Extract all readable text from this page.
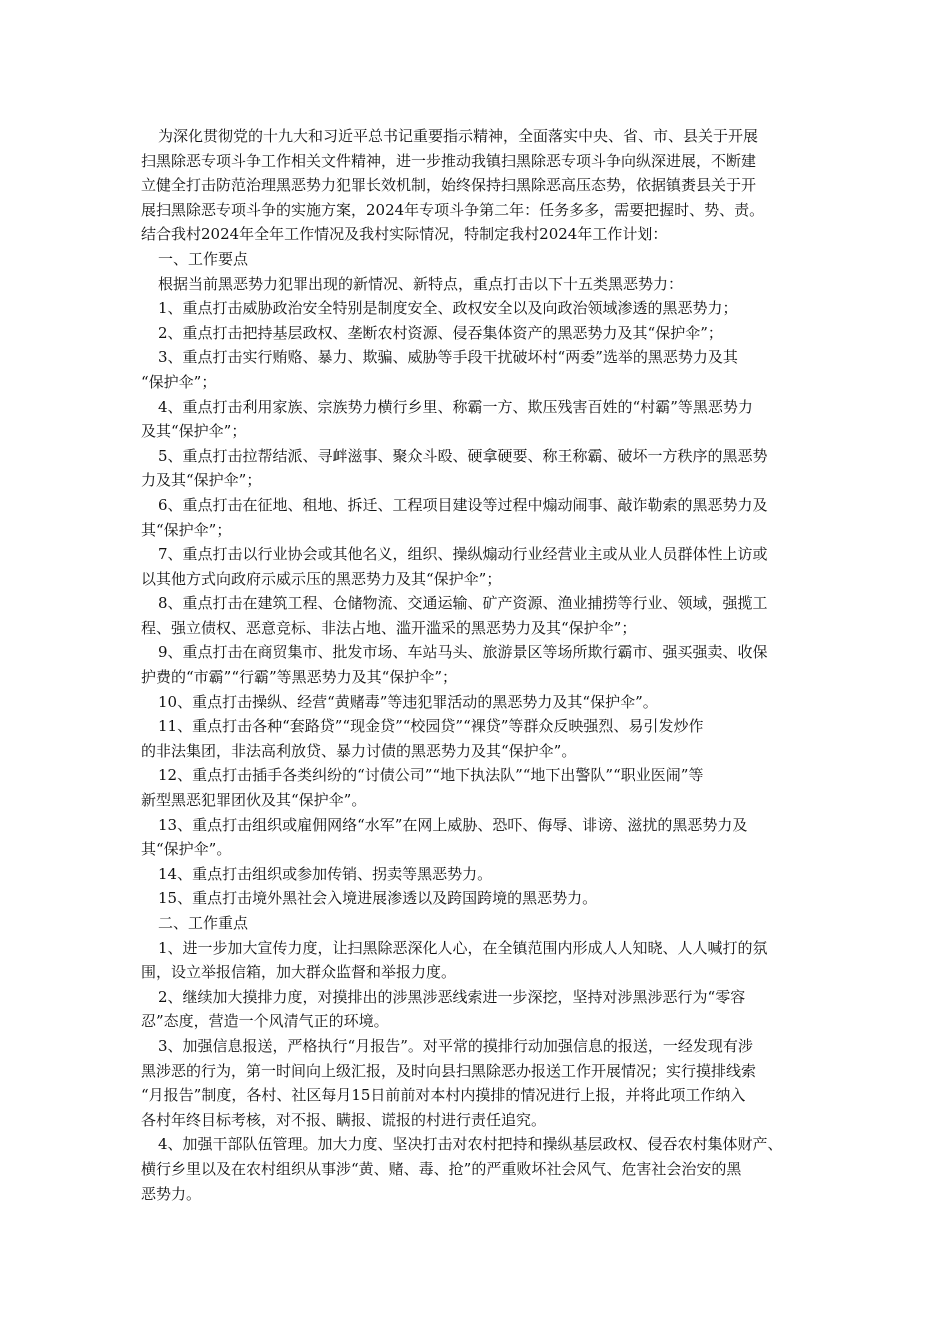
为深化贯彻党的十九大和习近平总书记重要指示精神，全面落实中央、省、市、县关于开展
扫黑除恶专项斗争工作相关文件精神，进一步推动我镇扫黑除恶专项斗争向纵深进展，不断建
立健全打击防范治理黑恶势力犯罪长效机制，始终保持扫黑除恶高压态势，依据镇赉县关于开
展扫黑除恶专项斗争的实施方案，2024年专项斗争第二年：任务多多，需要把握时、势、责。
结合我村2024年全年工作情况及我村实际情况，特制定我村2024年工作计划：
一、工作要点
根据当前黑恶势力犯罪出现的新情况、新特点，重点打击以下十五类黑恶势力：
1、重点打击威胁政治安全特别是制度安全、政权安全以及向政治领域渗透的黑恶势力；
2、重点打击把持基层政权、垄断农村资源、侵吞集体资产的黑恶势力及其“保护伞”；
3、重点打击实行贿赂、暴力、欺骗、威胁等手段干扰破坏村“两委”选举的黑恶势力及其
“保护伞”；
4、重点打击利用家族、宗族势力横行乡里、称霸一方、欺压残害百姓的“村霸”等黑恶势力
及其“保护伞”；
5、重点打击拉帮结派、寻衅滋事、聚众斗殴、硬拿硬要、称王称霸、破坏一方秩序的黑恶势
力及其“保护伞”；
6、重点打击在征地、租地、拆迁、工程项目建设等过程中煽动闹事、敲诈勒索的黑恶势力及
其“保护伞”；
7、重点打击以行业协会或其他名义，组织、操纵煽动行业经营业主或从业人员群体性上访或
以其他方式向政府示威示压的黑恶势力及其“保护伞”；
8、重点打击在建筑工程、仓储物流、交通运输、矿产资源、渔业捕捞等行业、领域，强揽工
程、强立债权、恶意竞标、非法占地、滥开滥采的黑恶势力及其“保护伞”；
9、重点打击在商贸集市、批发市场、车站马头、旅游景区等场所欺行霸市、强买强卖、收保
护费的“市霸”“行霸”等黑恶势力及其“保护伞”；
10、重点打击操纵、经营“黄赌毒”等违犯罪活动的黑恶势力及其“保护伞”。
11、重点打击各种“套路贷”“现金贷”“校园贷”“裸贷”等群众反映强烈、易引发炒作
的非法集团，非法高利放贷、暴力讨债的黑恶势力及其“保护伞”。
12、重点打击插手各类纠纷的“讨债公司”“地下执法队”“地下出警队”“职业医闹”等
新型黑恶犯罪团伙及其“保护伞”。
13、重点打击组织或雇佣网络“水军”在网上威胁、恐吓、侮辱、诽谤、滋扰的黑恶势力及
其“保护伞”。
14、重点打击组织或参加传销、拐卖等黑恶势力。
15、重点打击境外黑社会入境进展渗透以及跨国跨境的黑恶势力。
二、工作重点
1、进一步加大宣传力度，让扫黑除恶深化人心，在全镇范围内形成人人知晓、人人喊打的氛
围，设立举报信箱，加大群众监督和举报力度。
2、继续加大摸排力度，对摸排出的涉黑涉恶线索进一步深挖，坚持对涉黑涉恶行为“零容
忍”态度，营造一个风清气正的环境。
3、加强信息报送，严格执行“月报告”。对平常的摸排行动加强信息的报送，一经发现有涉
黑涉恶的行为，第一时间向上级汇报，及时向县扫黑除恶办报送工作开展情况；实行摸排线索
“月报告”制度，各村、社区每月15日前前对本村内摸排的情况进行上报，并将此项工作纳入
各村年终目标考核，对不报、瞒报、谎报的村进行责任追究。
4、加强干部队伍管理。加大力度、坚决打击对农村把持和操纵基层政权、侵吞农村集体财产、
横行乡里以及在农村组织从事涉“黄、赌、毒、抢”的严重败坏社会风气、危害社会治安的黑
恶势力。
